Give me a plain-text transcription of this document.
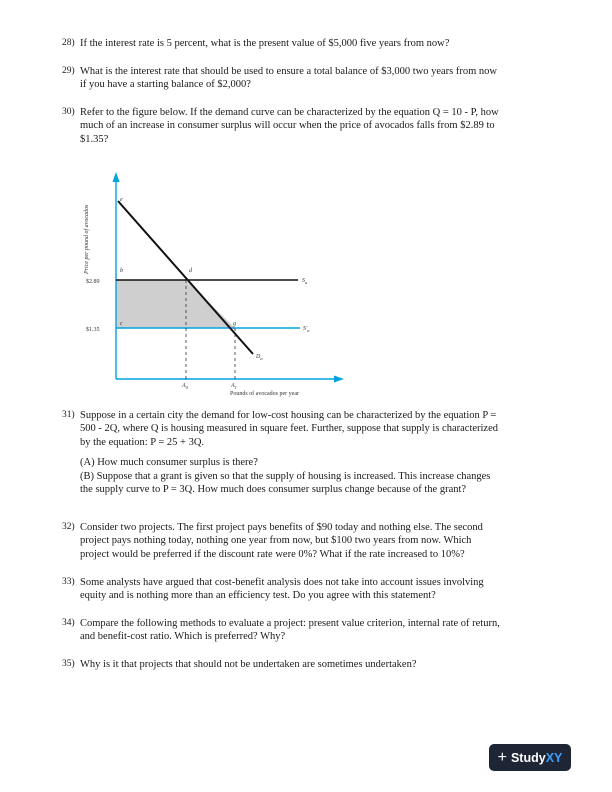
28) If the interest rate is 5 percent, what is the present value of $5,000 five years from now?
29) What is the interest rate that should be used to ensure a total balance of $3,000 two years from now
if you have a starting balance of $2,000?
30) Refer to the figure below. If the demand curve can be characterized by the equation Q = 10 - P, how
much of an increase in consumer surplus will occur when the price of avocados falls from $2.89 to
$1.35?
Price per pound of avocados
$2.89
$1.35
e
b	d
c	g
$S_a$
$S'_a$
$D_a$
$A_0$	$A_1$
Pounds of avocados per year
31) Suppose in a certain city the demand for low-cost housing can be characterized by the equation P =
500 - 2Q, where Q is housing measured in square feet. Further, suppose that supply is characterized
by the equation: P = 25 + 3Q.
(A) How much consumer surplus is there?
(B) Suppose that a grant is given so that the supply of housing is increased. This increase changes
the supply curve to P = 3Q. How much does consumer surplus change because of the grant?
32) Consider two projects. The first project pays benefits of $90 today and nothing else. The second
project pays nothing today, nothing one year from now, but $100 two years from now. Which
project would be preferred if the discount rate were 0%? What if the rate increased to 10%?
33) Some analysts have argued that cost-benefit analysis does not take into account issues involving
equity and is nothing more than an efficiency test. Do you agree with this statement?
34) Compare the following methods to evaluate a project: present value criterion, internal rate of return,
and benefit-cost ratio. Which is preferred? Why?
35) Why is it that projects that should not be undertaken are sometimes undertaken?
+ Study XY
